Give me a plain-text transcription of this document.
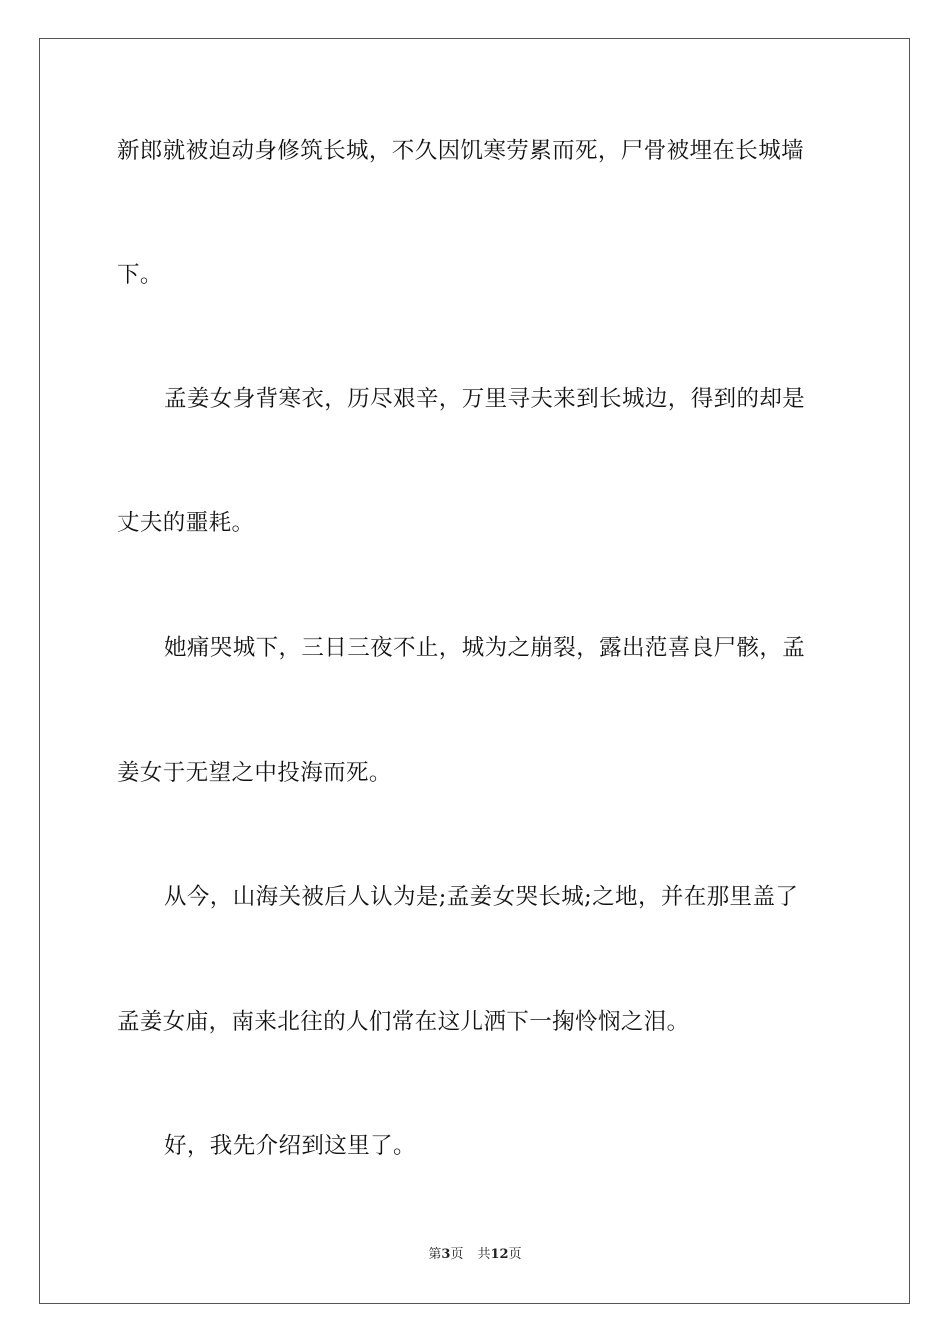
新郎就被迫动身修筑长城，不久因饥寒劳累而死，尸骨被埋在长城墙
下。
孟姜女身背寒衣，历尽艰辛，万里寻夫来到长城边，得到的却是
丈夫的噩耗。
她痛哭城下，三日三夜不止，城为之崩裂，露出范喜良尸骸，孟
姜女于无望之中投海而死。
从今，山海关被后人认为是;孟姜女哭长城;之地，并在那里盖了
孟姜女庙，南来北往的人们常在这儿洒下一掬怜悯之泪。
好，我先介绍到这里了。
第3页 共12页
